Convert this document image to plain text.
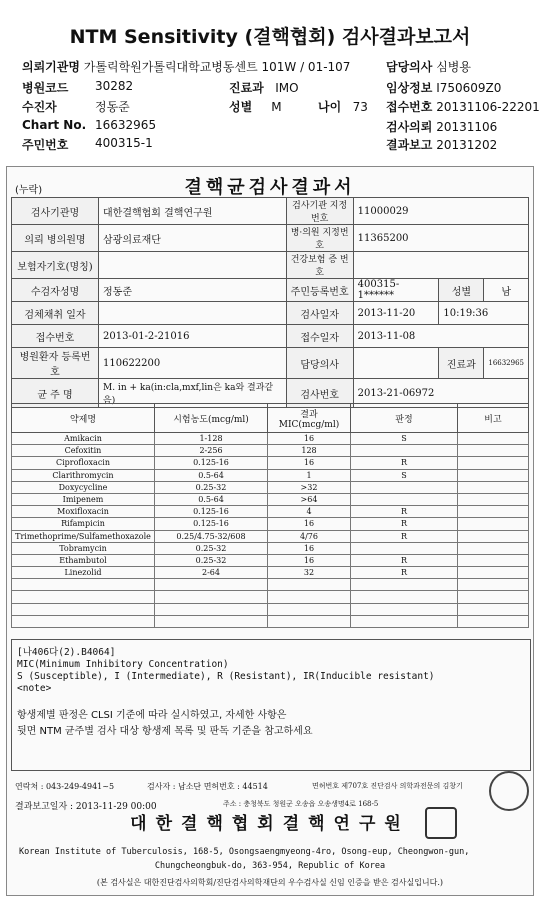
NTM Sensitivity (결핵협회) 검사결과보고서
의뢰기관명 가톨릭학원가톨릭대학교병동센트 101W / 01-107
병원코드 30282
수진자	정동준
Chart No. 16632965
주민번호 400315-1
진료과 IMO
성별 M	나이 73
담당의사 심병용
임상정보 I750609Z0
접수번호 20131106-22201
검사의뢰 20131106
결과보고 20131202
(누락)	결핵균검사결과서
검사기관명	대한결핵협회 결핵연구원	검사기관 지정번호	11000029		
의뢰 병의원명	삼광의료재단	병·의원 지정번호	11365200		
보험자기호(명칭)		건강보험 증 번호			
수검자성명	정동준	주민등록번호	400315-1******	성별	남
검체채취 일자		검사일자	2013-11-20	10:19:36	
접수번호	2013-01-2-21016	접수일자	2013-11-08		
병원환자 등록번호	110622200	담당의사		진료과	16632965
균 주 명	M. in + ka(in:cla,mxf,lin은 ka와 결과같음)	검사번호	2013-21-06972		
약제명	시험농도(mcg/ml)	결과 MIC(mcg/ml)	판정	비고
Amikacin	1-128	16	S	
Cefoxitin	2-256	128		
Ciprofloxacin	0.125-16	16	R	
Clarithromycin	0.5-64	1	S	
Doxycycline	0.25-32	>32		
Imipenem	0.5-64	>64		
Moxifloxacin	0.125-16	4	R	
Rifampicin	0.125-16	16	R	
Trimethoprime/Sulfamethoxazole	0.25/4.75-32/608	4/76	R	
Tobramycin	0.25-32	16		
Ethambutol	0.25-32	16	R	
Linezolid	2-64	32	R	

[나406다(2).B4064]
MIC(Minimum Inhibitory Concentration)
S (Susceptible), I (Intermediate), R (Resistant), IR(Inducible resistant)
<note>
항생제별 판정은 CLSI 기준에 따라 실시하였고, 자세한 사항은
뒷면 NTM 균주별 검사 대상 항생제 목록 및 판독 기준을 참고하세요
연락처 : 043-249-4941~5	검사자 : 남소단 면허번호 : 44514	면허번호 제707호 진단검사 의학과전문의 김창기
결과보고일자 : 2013-11-29 00:00	주소 : 충청북도 청원군 오송읍 오송생명4로 168-5
대한결핵협회결핵연구원
Korean Institute of Tuberculosis, 168-5, Osongsaengmyeong-4ro, Osong-eup, Cheongwon-gun,
Chungcheongbuk-do, 363-954, Republic of Korea
(본 검사실은 대한진단검사의학회/진단검사의학재단의 우수검사실 신임 인증을 받은 검사실입니다.)
